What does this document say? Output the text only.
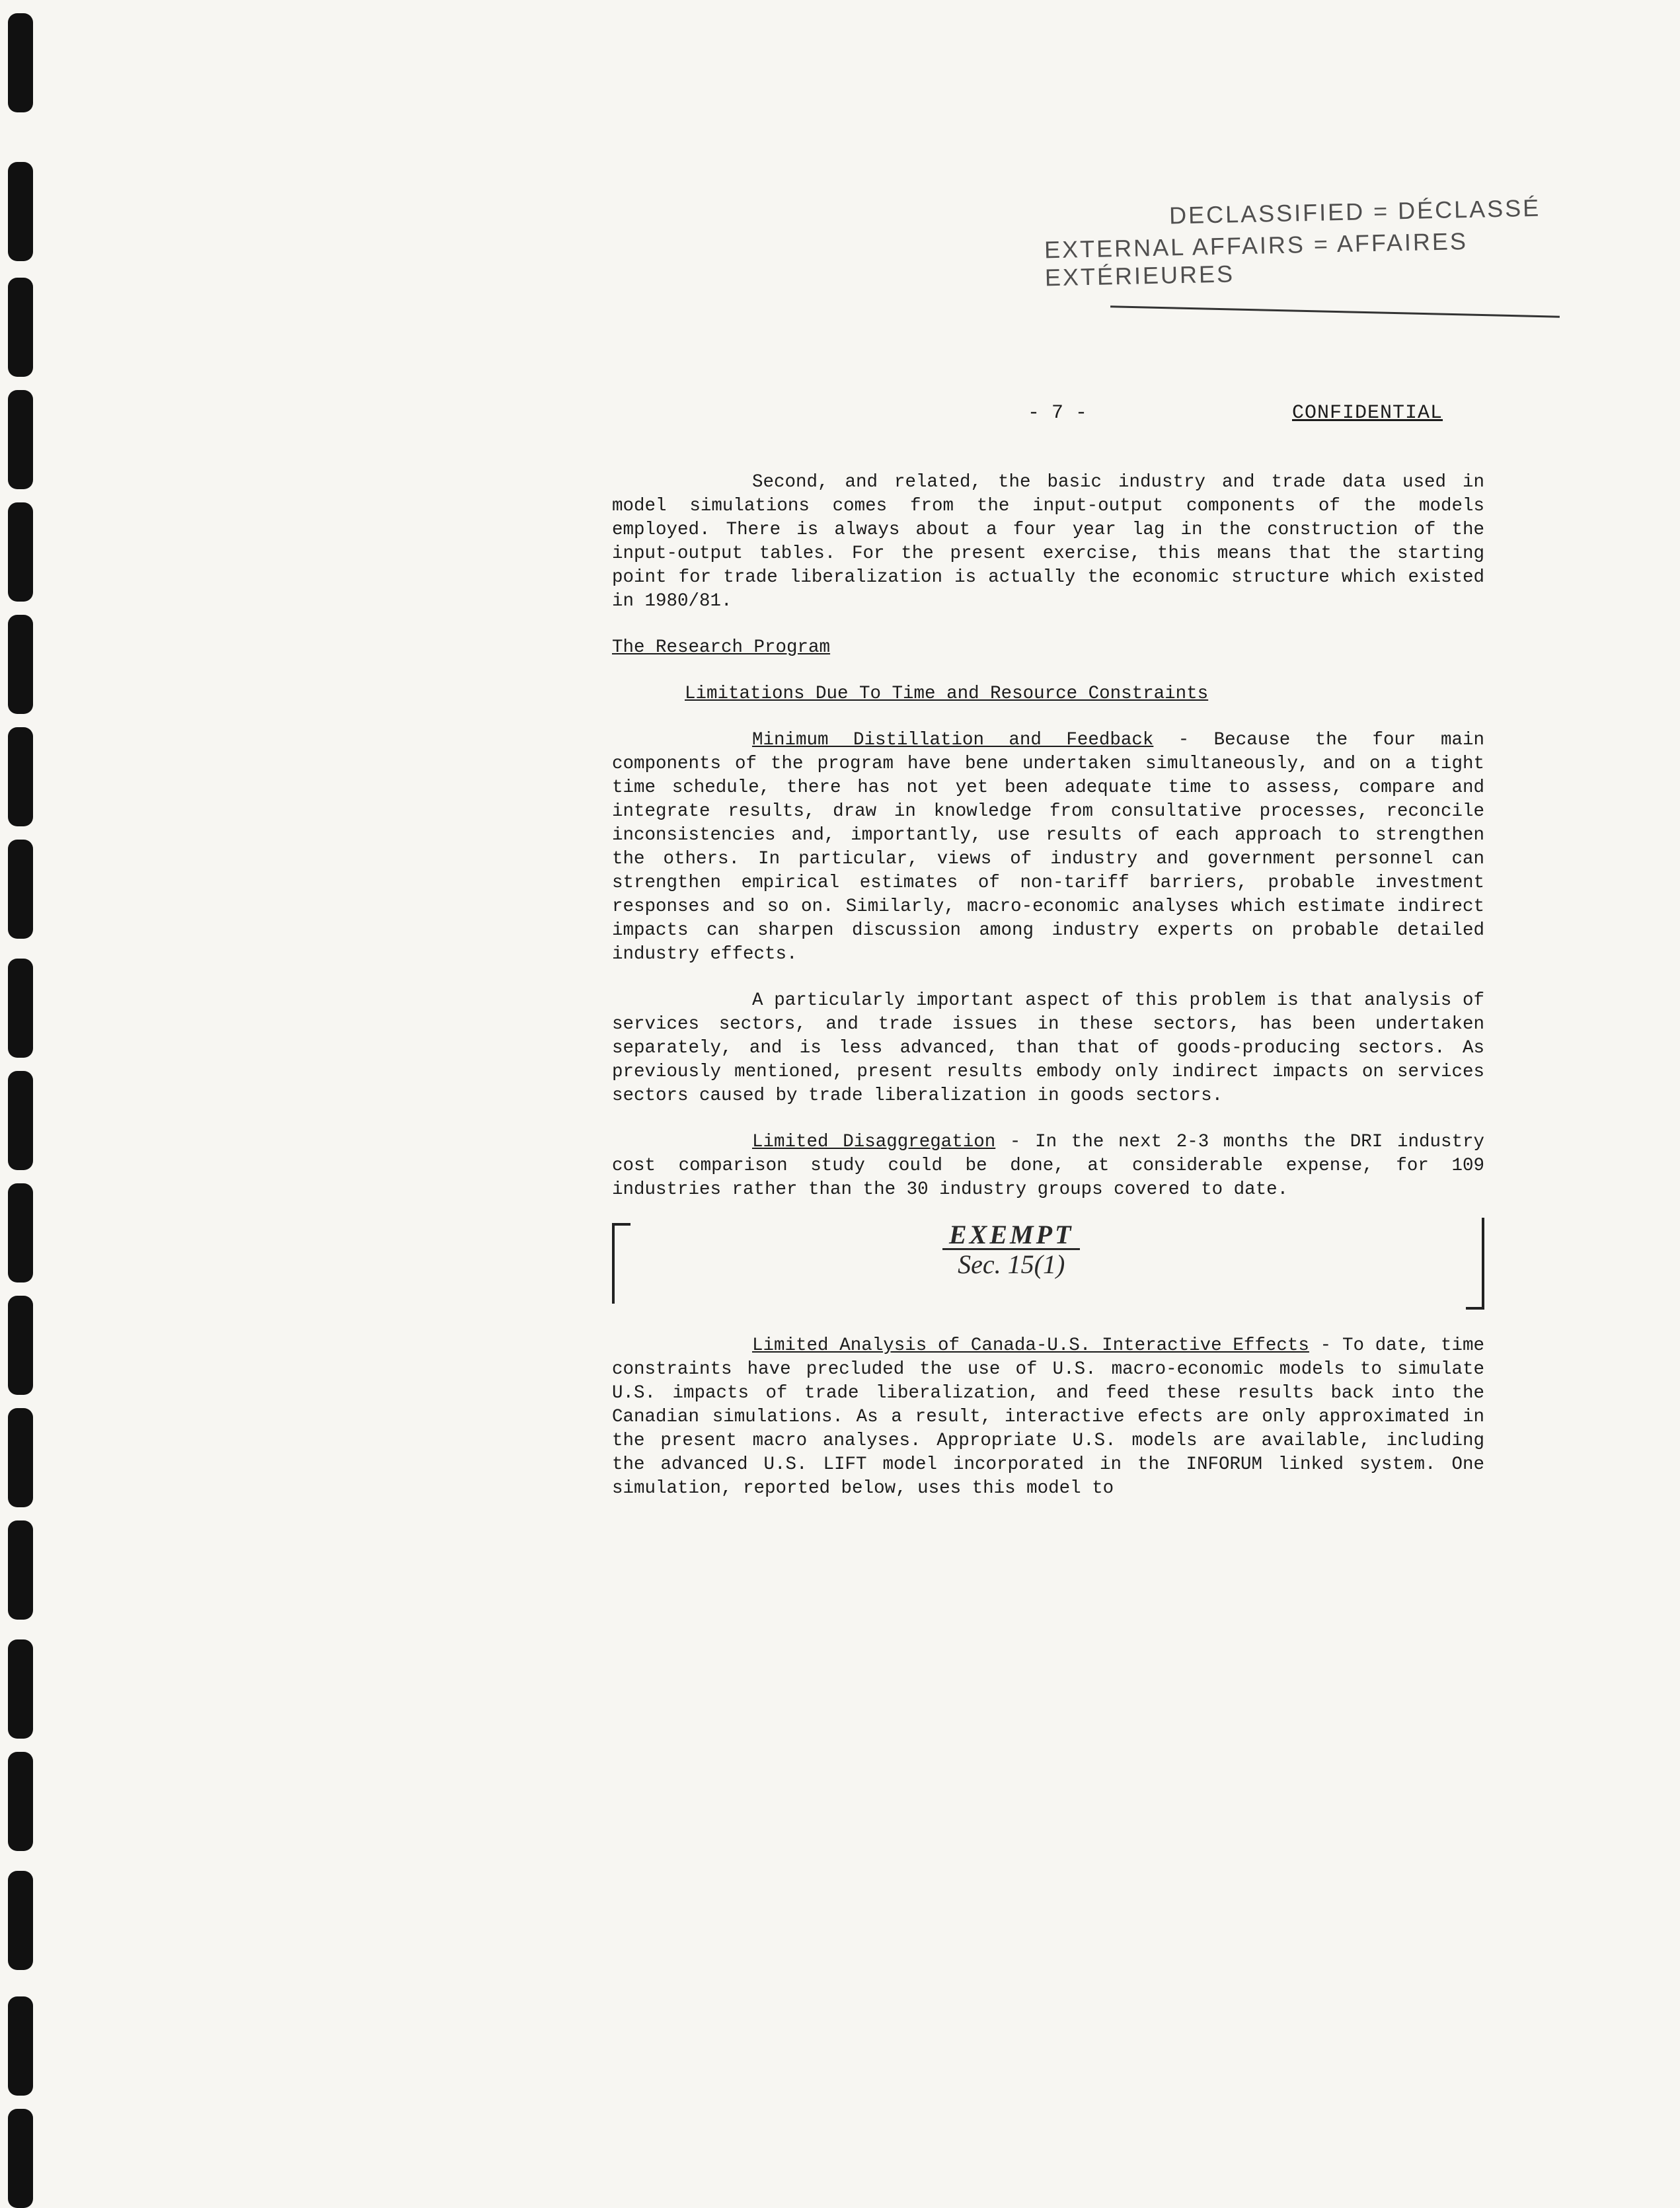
DECLASSIFIED = DÉCLASSÉ
EXTERNAL AFFAIRS = AFFAIRES EXTÉRIEURES
- 7 -	CONFIDENTIAL

Second, and related, the basic industry and trade data used in model simulations comes from the input-output components of the models employed. There is always about a four year lag in the construction of the input-output tables. For the present exercise, this means that the starting point for trade liberalization is actually the economic structure which existed in 1980/81.

The Research Program
Limitations Due To Time and Resource Constraints

Minimum Distillation and Feedback - Because the four main components of the program have bene undertaken simultaneously, and on a tight time schedule, there has not yet been adequate time to assess, compare and integrate results, draw in knowledge from consultative processes, reconcile inconsistencies and, importantly, use results of each approach to strengthen the others. In particular, views of industry and government personnel can strengthen empirical estimates of non-tariff barriers, probable investment responses and so on. Similarly, macro-economic analyses which estimate indirect impacts can sharpen discussion among industry experts on probable detailed industry effects.

A particularly important aspect of this problem is that analysis of services sectors, and trade issues in these sectors, has been undertaken separately, and is less advanced, than that of goods-producing sectors. As previously mentioned, present results embody only indirect impacts on services sectors caused by trade liberalization in goods sectors.

Limited Disaggregation - In the next 2-3 months the DRI industry cost comparison study could be done, at considerable expense, for 109 industries rather than the 30 industry groups covered to date.

EXEMPT
Sec. 15(1)

Limited Analysis of Canada-U.S. Interactive Effects - To date, time constraints have precluded the use of U.S. macro-economic models to simulate U.S. impacts of trade liberalization, and feed these results back into the Canadian simulations. As a result, interactive efects are only approximated in the present macro analyses. Appropriate U.S. models are available, including the advanced U.S. LIFT model incorporated in the INFORUM linked system. One simulation, reported below, uses this model to
